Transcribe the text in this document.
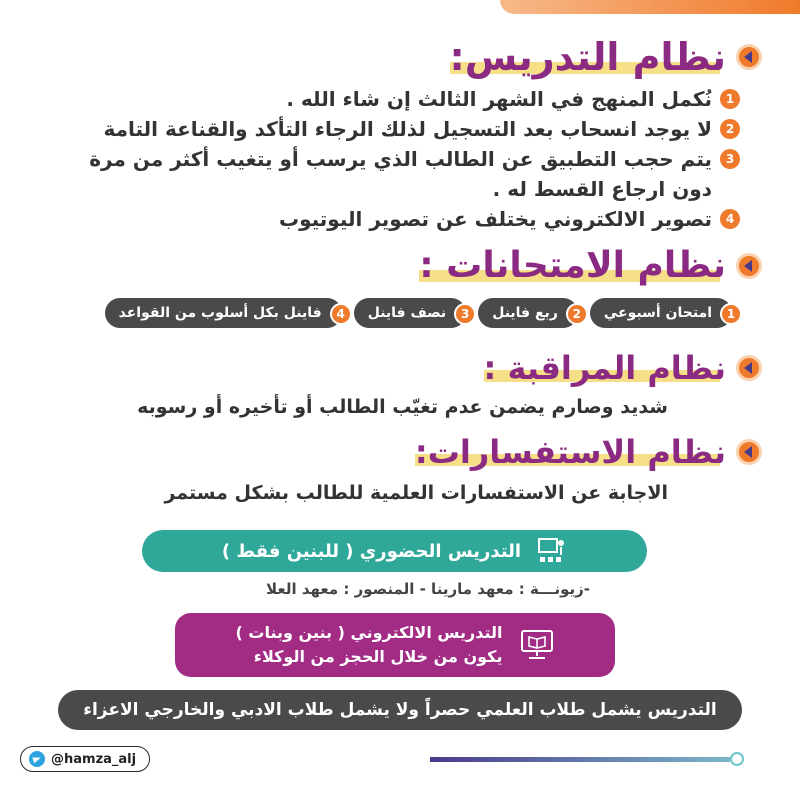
نظام التدريس:
1
نُكمل المنهج في الشهر الثالث إن شاء الله .
2
لا يوجد انسحاب بعد التسجيل لذلك الرجاء التأكد والقناعة التامة
3
يتم حجب التطبيق عن الطالب الذي يرسب أو يتغيب أكثر من مرة دون ارجاع القسط له .
4
تصوير الالكتروني يختلف عن تصوير اليوتيوب
نظام الامتحانات :
1
امتحان أسبوعي
2
ربع فاينل
3
نصف فاينل
4
فاينل بكل أسلوب من القواعد
نظام المراقبة :
شديد وصارم يضمن عدم تغيّب الطالب أو تأخيره أو رسوبه
نظام الاستفسارات:
الاجابة عن الاستفسارات العلمية للطالب بشكل مستمر
التدريس الحضوري ( للبنين فقط )
-زيونـــة : معهد مارينا - المنصور : معهد العلا
التدريس الالكتروني ( بنين وبنات )
يكون من خلال الحجز من الوكلاء
التدريس يشمل طلاب العلمي حصراً ولا يشمل طلاب الادبي والخارجي الاعزاء
@hamza_alj
